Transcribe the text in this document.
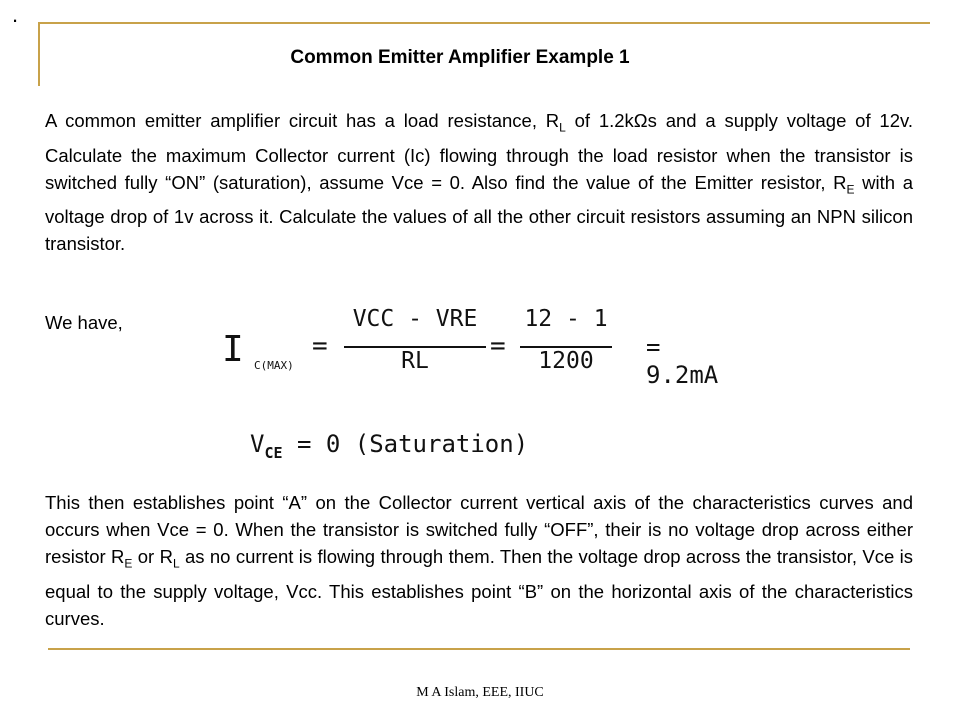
.
Common Emitter Amplifier Example 1
A common emitter amplifier circuit has a load resistance, $R_L$ of 1.2kΩs and a supply voltage of 12v. Calculate the maximum Collector current (Ic) flowing through the load resistor when the transistor is switched fully “ON” (saturation), assume Vce = 0. Also find the value of the Emitter resistor, $R_E$ with a voltage drop of 1v across it. Calculate the values of all the other circuit resistors assuming an NPN silicon transistor.
We have,
I C(MAX)
=
VCC - VRE
RL	=
12 - 1
1200	= 9.2mA
$V_{CE} = 0$ (Saturation)
This then establishes point “A” on the Collector current vertical axis of the characteristics curves and occurs when Vce = 0. When the transistor is switched fully “OFF”, their is no voltage drop across either resistor $R_E$ or $R_L$ as no current is flowing through them. Then the voltage drop across the transistor, Vce is equal to the supply voltage, Vcc. This establishes point “B” on the horizontal axis of the characteristics curves.
M A Islam, EEE, IIUC
